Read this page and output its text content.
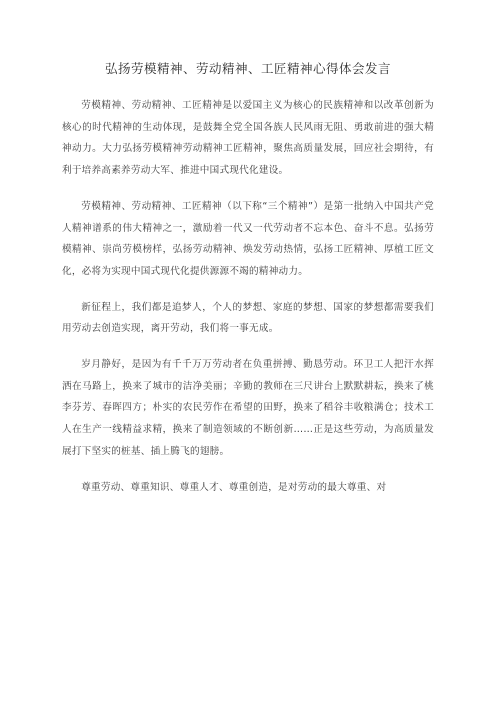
弘扬劳模精神、劳动精神、工匠精神心得体会发言

劳模精神、劳动精神、工匠精神是以爱国主义为核心的民族精神和以改革创新为核心的时代精神的生动体现，是鼓舞全党全国各族人民风雨无阻、勇敢前进的强大精神动力。大力弘扬劳模精神劳动精神工匠精神，聚焦高质量发展，回应社会期待，有利于培养高素养劳动大军、推进中国式现代化建设。

劳模精神、劳动精神、工匠精神（以下称“三个精神”）是第一批纳入中国共产党人精神谱系的伟大精神之一，激励着一代又一代劳动者不忘本色、奋斗不息。弘扬劳模精神、崇尚劳模榜样，弘扬劳动精神、焕发劳动热情，弘扬工匠精神、厚植工匠文化，必将为实现中国式现代化提供源源不竭的精神动力。

新征程上，我们都是追梦人，个人的梦想、家庭的梦想、国家的梦想都需要我们用劳动去创造实现，离开劳动，我们将一事无成。

岁月静好，是因为有千千万万劳动者在负重拼搏、勤恳劳动。环卫工人把汗水挥洒在马路上，换来了城市的洁净美丽；辛勤的教师在三尺讲台上默默耕耘，换来了桃李芬芳、春晖四方；朴实的农民劳作在希望的田野，换来了稻谷丰收粮满仓；技术工人在生产一线精益求精，换来了制造领域的不断创新……正是这些劳动，为高质量发展打下坚实的桩基、插上腾飞的翅膀。

尊重劳动、尊重知识、尊重人才、尊重创造，是对劳动的最大尊重、对
